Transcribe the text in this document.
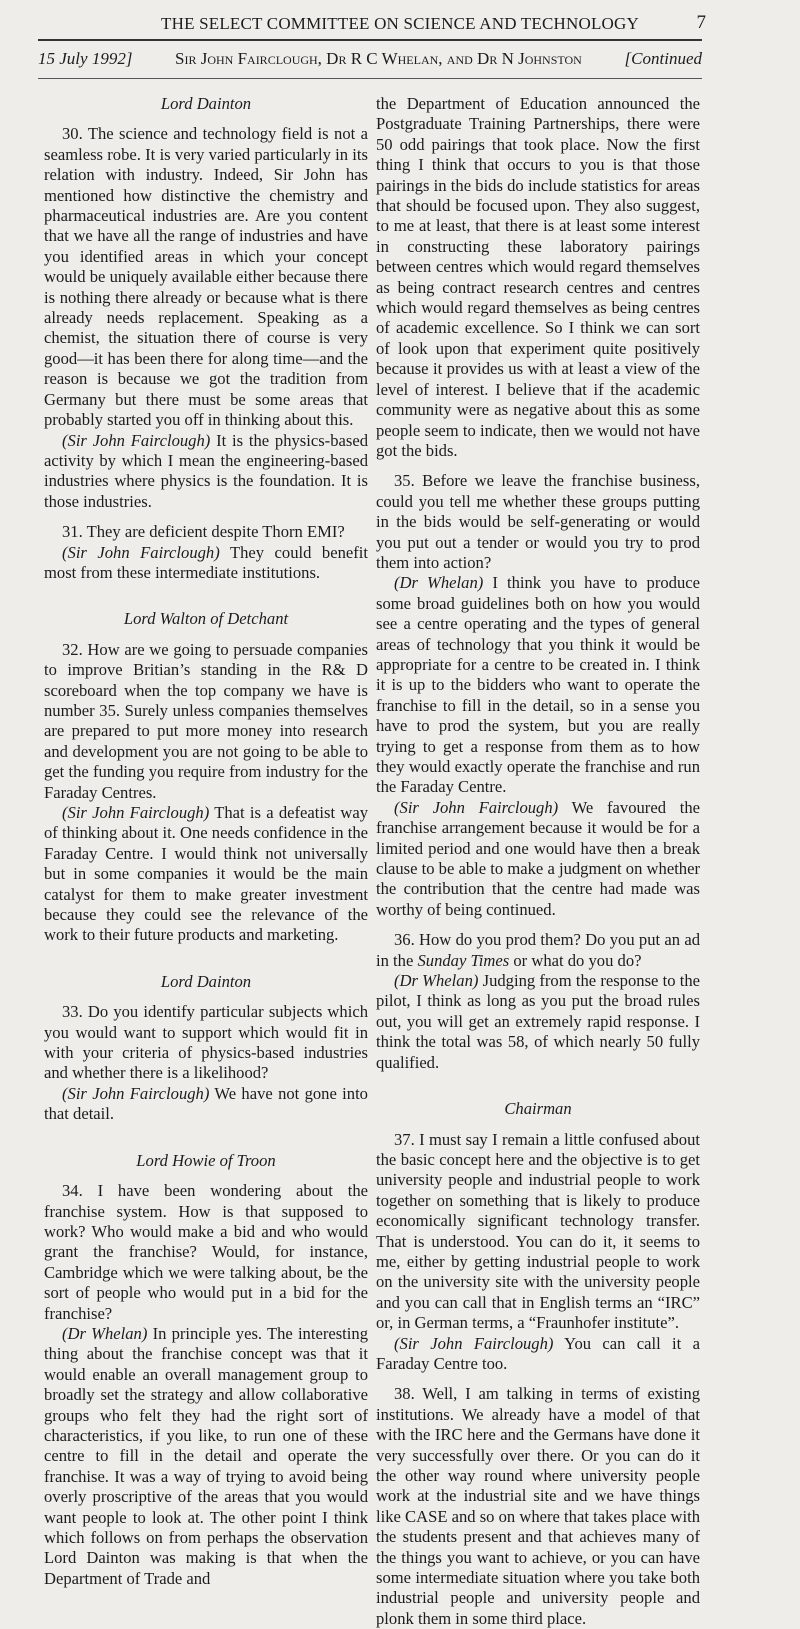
THE SELECT COMMITTEE ON SCIENCE AND TECHNOLOGY	7
15 July 1992]	Sir John Fairclough, Dr R C Whelan, and Dr N Johnston	[Continued
Lord Dainton

30. The science and technology field is not a seamless robe. It is very varied particularly in its relation with industry. Indeed, Sir John has mentioned how distinctive the chemistry and pharmaceutical industries are. Are you content that we have all the range of industries and have you identified areas in which your concept would be uniquely available either because there is nothing there already or because what is there already needs replacement. Speaking as a chemist, the situation there of course is very good—it has been there for along time—and the reason is because we got the tradition from Germany but there must be some areas that probably started you off in thinking about this.

(Sir John Fairclough) It is the physics-based activity by which I mean the engineering-based industries where physics is the foundation. It is those industries.

31. They are deficient despite Thorn EMI?

(Sir John Fairclough) They could benefit most from these intermediate institutions.

Lord Walton of Detchant

32. How are we going to persuade companies to improve Britian’s standing in the R& D scoreboard when the top company we have is number 35. Surely unless companies themselves are prepared to put more money into research and development you are not going to be able to get the funding you require from industry for the Faraday Centres.

(Sir John Fairclough) That is a defeatist way of thinking about it. One needs confidence in the Faraday Centre. I would think not universally but in some companies it would be the main catalyst for them to make greater investment because they could see the relevance of the work to their future products and marketing.

Lord Dainton

33. Do you identify particular subjects which you would want to support which would fit in with your criteria of physics-based industries and whether there is a likelihood?

(Sir John Fairclough) We have not gone into that detail.

Lord Howie of Troon

34. I have been wondering about the franchise system. How is that supposed to work? Who would make a bid and who would grant the franchise? Would, for instance, Cambridge which we were talking about, be the sort of people who would put in a bid for the franchise?

(Dr Whelan) In principle yes. The interesting thing about the franchise concept was that it would enable an overall management group to broadly set the strategy and allow collaborative groups who felt they had the right sort of characteristics, if you like, to run one of these centre to fill in the detail and operate the franchise. It was a way of trying to avoid being overly proscriptive of the areas that you would want people to look at. The other point I think which follows on from perhaps the observation Lord Dainton was making is that when the Department of Trade and

the Department of Education announced the Postgraduate Training Partnerships, there were 50 odd pairings that took place. Now the first thing I think that occurs to you is that those pairings in the bids do include statistics for areas that should be focused upon. They also suggest, to me at least, that there is at least some interest in constructing these laboratory pairings between centres which would regard themselves as being contract research centres and centres which would regard themselves as being centres of academic excellence. So I think we can sort of look upon that experiment quite positively because it provides us with at least a view of the level of interest. I believe that if the academic community were as negative about this as some people seem to indicate, then we would not have got the bids.

35. Before we leave the franchise business, could you tell me whether these groups putting in the bids would be self-generating or would you put out a tender or would you try to prod them into action?

(Dr Whelan) I think you have to produce some broad guidelines both on how you would see a centre operating and the types of general areas of technology that you think it would be appropriate for a centre to be created in. I think it is up to the bidders who want to operate the franchise to fill in the detail, so in a sense you have to prod the system, but you are really trying to get a response from them as to how they would exactly operate the franchise and run the Faraday Centre.

(Sir John Fairclough) We favoured the franchise arrangement because it would be for a limited period and one would have then a break clause to be able to make a judgment on whether the contribution that the centre had made was worthy of being continued.

36. How do you prod them? Do you put an ad in the Sunday Times or what do you do?

(Dr Whelan) Judging from the response to the pilot, I think as long as you put the broad rules out, you will get an extremely rapid response. I think the total was 58, of which nearly 50 fully qualified.

Chairman

37. I must say I remain a little confused about the basic concept here and the objective is to get university people and industrial people to work together on something that is likely to produce economically significant technology transfer. That is understood. You can do it, it seems to me, either by getting industrial people to work on the university site with the university people and you can call that in English terms an “IRC” or, in German terms, a “Fraunhofer institute”.

(Sir John Fairclough) You can call it a Faraday Centre too.

38. Well, I am talking in terms of existing institutions. We already have a model of that with the IRC here and the Germans have done it very successfully over there. Or you can do it the other way round where university people work at the industrial site and we have things like CASE and so on where that takes place with the students present and that achieves many of the things you want to achieve, or you can have some intermediate situation where you take both industrial people and university people and plonk them in some third place.
